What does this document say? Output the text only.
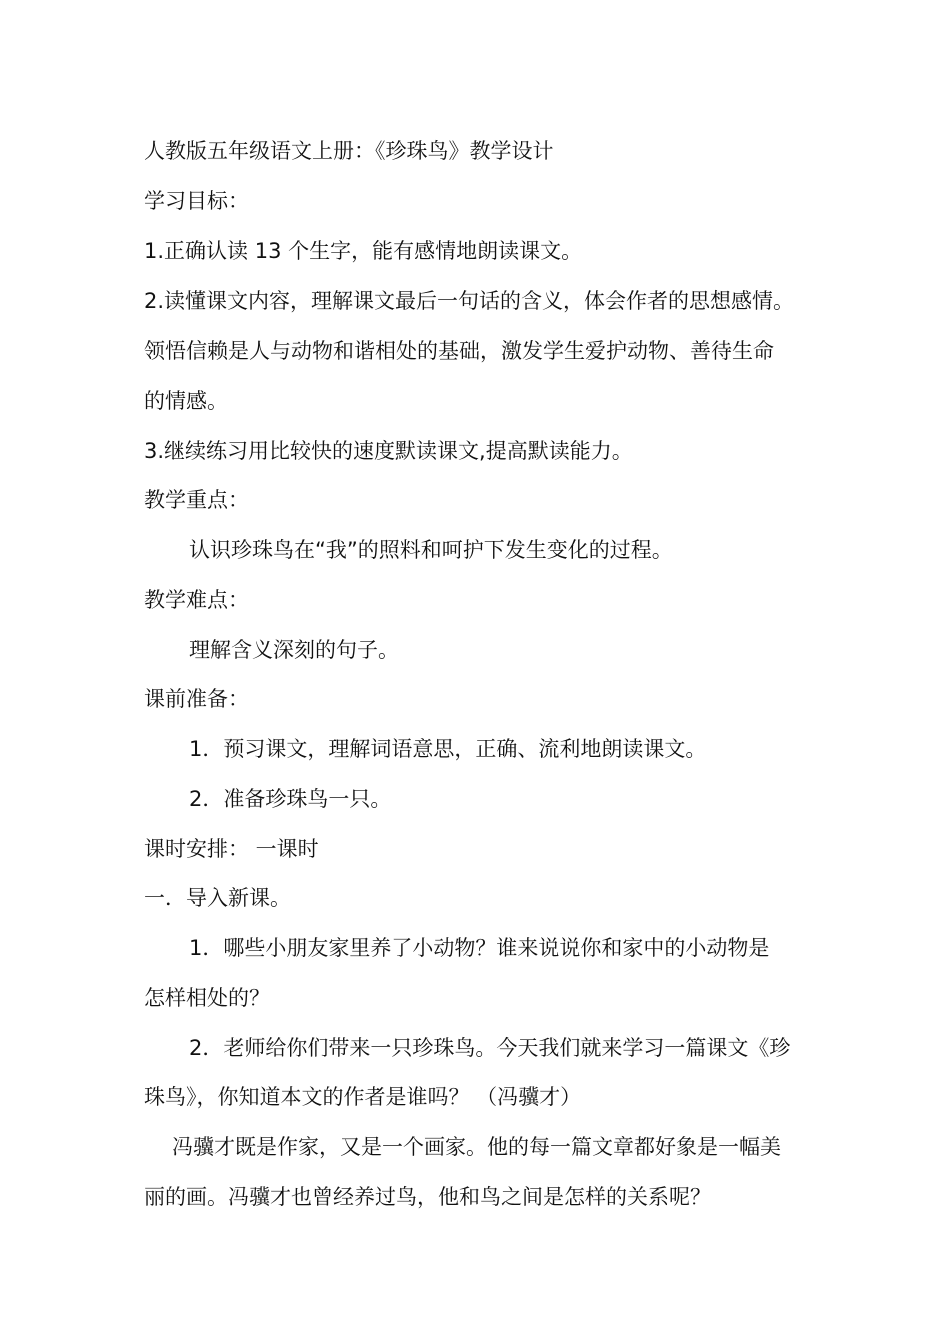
人教版五年级语文上册：《珍珠鸟》教学设计
学习目标：
1.正确认读 13 个生字，能有感情地朗读课文。
2.读懂课文内容，理解课文最后一句话的含义，体会作者的思想感情。
领悟信赖是人与动物和谐相处的基础，激发学生爱护动物、善待生命
的情感。
3.继续练习用比较快的速度默读课文,提高默读能力。
教学重点：
认识珍珠鸟在“我”的照料和呵护下发生变化的过程。
教学难点：
理解含义深刻的句子。
课前准备：
1．预习课文，理解词语意思，正确、流利地朗读课文。
2．准备珍珠鸟一只。
课时安排： 一课时
一．导入新课。
1．哪些小朋友家里养了小动物？谁来说说你和家中的小动物是
怎样相处的？
2．老师给你们带来一只珍珠鸟。今天我们就来学习一篇课文《珍
珠鸟》，你知道本文的作者是谁吗？ （冯骥才）
冯骥才既是作家，又是一个画家。他的每一篇文章都好象是一幅美
丽的画。冯骥才也曾经养过鸟，他和鸟之间是怎样的关系呢？
